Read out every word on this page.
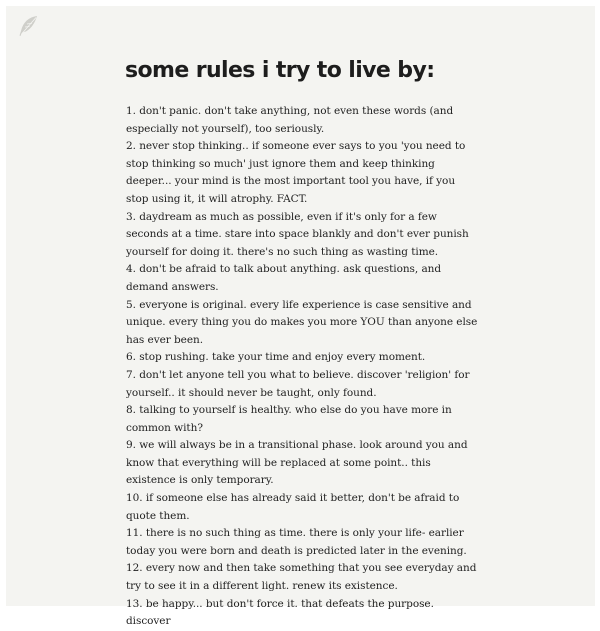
some rules i try to live by:
1. don't panic. don't take anything, not even these words (and especially not yourself), too seriously.
2. never stop thinking.. if someone ever says to you 'you need to stop thinking so much' just ignore them and keep thinking deeper... your mind is the most important tool you have, if you stop using it, it will atrophy. FACT.
3. daydream as much as possible, even if it's only for a few seconds at a time. stare into space blankly and don't ever punish yourself for doing it. there's no such thing as wasting time.
4. don't be afraid to talk about anything. ask questions, and demand answers.
5. everyone is original. every life experience is case sensitive and unique. every thing you do makes you more YOU than anyone else has ever been.
6. stop rushing. take your time and enjoy every moment.
7. don't let anyone tell you what to believe. discover 'religion' for yourself.. it should never be taught, only found.
8. talking to yourself is healthy. who else do you have more in common with?
9. we will always be in a transitional phase. look around you and know that everything will be replaced at some point.. this existence is only temporary.
10. if someone else has already said it better, don't be afraid to quote them.
11. there is no such thing as time. there is only your life- earlier today you were born and death is predicted later in the evening.
12. every now and then take something that you see everyday and try to see it in a different light. renew its existence.
13. be happy... but don't force it. that defeats the purpose. discover
